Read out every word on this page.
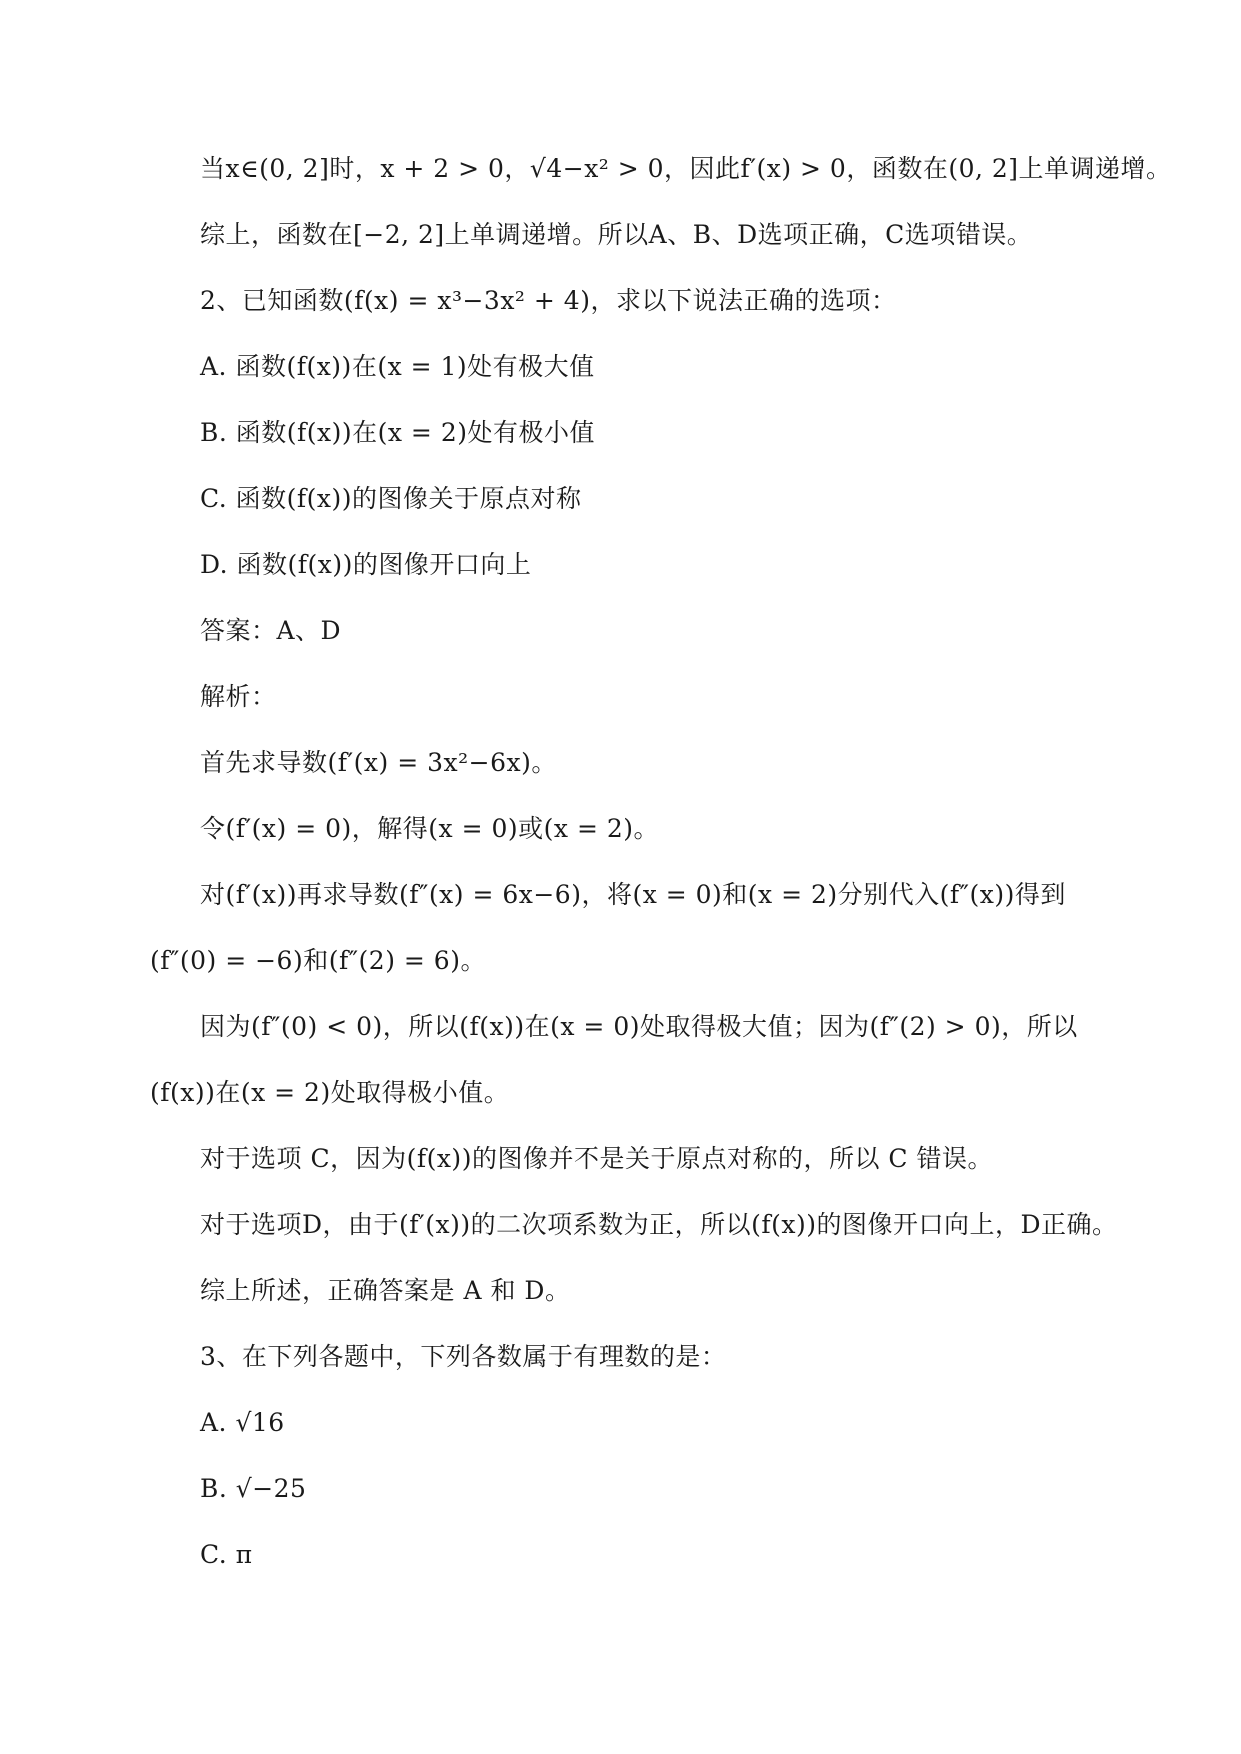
当x∈(0, 2]时，x + 2 > 0，√4−x² > 0，因此f′(x) > 0，函数在(0, 2]上单调递增。
综上，函数在[−2, 2]上单调递增。所以A、B、D选项正确，C选项错误。
2、已知函数(f(x) = x³−3x² + 4)，求以下说法正确的选项：
A. 函数(f(x))在(x = 1)处有极大值
B. 函数(f(x))在(x = 2)处有极小值
C. 函数(f(x))的图像关于原点对称
D. 函数(f(x))的图像开口向上
答案：A、D
解析：
首先求导数(f′(x) = 3x²−6x)。
令(f′(x) = 0)，解得(x = 0)或(x = 2)。
对(f′(x))再求导数(f″(x) = 6x−6)，将(x = 0)和(x = 2)分别代入(f″(x))得到
(f″(0) = −6)和(f″(2) = 6)。
因为(f″(0) < 0)，所以(f(x))在(x = 0)处取得极大值；因为(f″(2) > 0)，所以
(f(x))在(x = 2)处取得极小值。
对于选项 C，因为(f(x))的图像并不是关于原点对称的，所以 C 错误。
对于选项D，由于(f′(x))的二次项系数为正，所以(f(x))的图像开口向上，D正确。
综上所述，正确答案是 A 和 D。
3、在下列各题中，下列各数属于有理数的是：
A. √16
B. √−25
C. π
